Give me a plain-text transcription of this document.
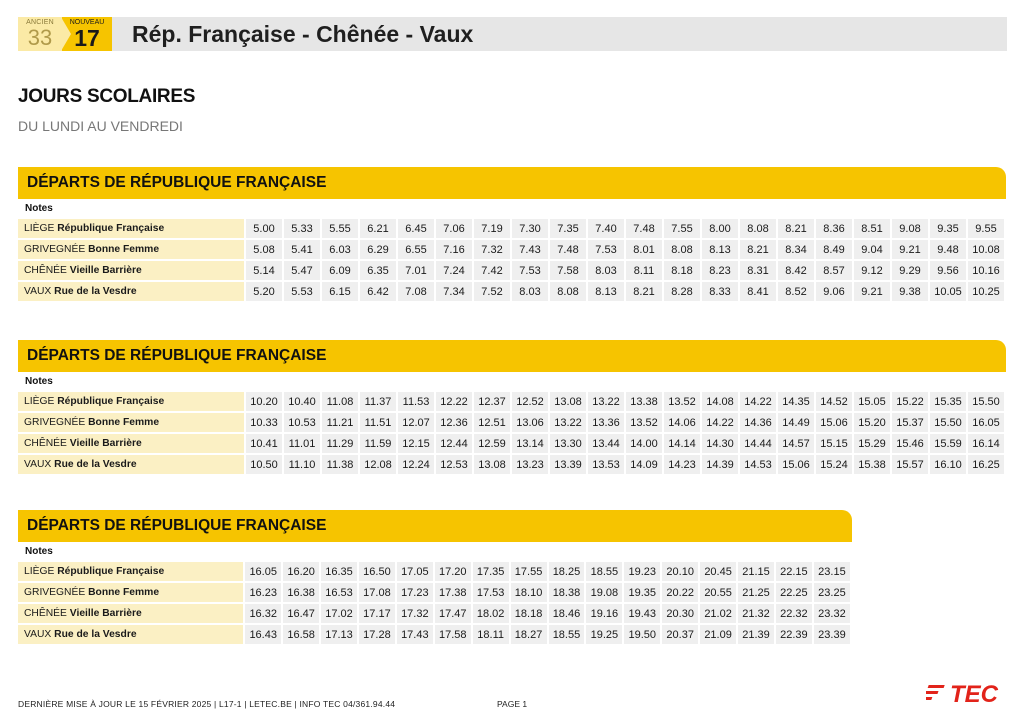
ANCIEN
33
NOUVEAU
17 Rép. Française - Chênée - Vaux
JOURS SCOLAIRES
DU LUNDI AU VENDREDI
DÉPARTS DE RÉPUBLIQUE FRANÇAISE
Notes
LIÈGE République Française	5.00	5.33	5.55	6.21	6.45	7.06	7.19	7.30	7.35	7.40	7.48	7.55	8.00	8.08	8.21	8.36	8.51	9.08	9.35	9.55
GRIVEGNÉE Bonne Femme	5.08	5.41	6.03	6.29	6.55	7.16	7.32	7.43	7.48	7.53	8.01	8.08	8.13	8.21	8.34	8.49	9.04	9.21	9.48	10.08
CHÊNÉE Vieille Barrière	5.14	5.47	6.09	6.35	7.01	7.24	7.42	7.53	7.58	8.03	8.11	8.18	8.23	8.31	8.42	8.57	9.12	9.29	9.56	10.16
VAUX Rue de la Vesdre	5.20	5.53	6.15	6.42	7.08	7.34	7.52	8.03	8.08	8.13	8.21	8.28	8.33	8.41	8.52	9.06	9.21	9.38	10.05	10.25
DÉPARTS DE RÉPUBLIQUE FRANÇAISE
Notes
LIÈGE République Française	10.20	10.40	11.08	11.37	11.53	12.22	12.37	12.52	13.08	13.22	13.38	13.52	14.08	14.22	14.35	14.52	15.05	15.22	15.35	15.50
GRIVEGNÉE Bonne Femme	10.33	10.53	11.21	11.51	12.07	12.36	12.51	13.06	13.22	13.36	13.52	14.06	14.22	14.36	14.49	15.06	15.20	15.37	15.50	16.05
CHÊNÉE Vieille Barrière	10.41	11.01	11.29	11.59	12.15	12.44	12.59	13.14	13.30	13.44	14.00	14.14	14.30	14.44	14.57	15.15	15.29	15.46	15.59	16.14
VAUX Rue de la Vesdre	10.50	11.10	11.38	12.08	12.24	12.53	13.08	13.23	13.39	13.53	14.09	14.23	14.39	14.53	15.06	15.24	15.38	15.57	16.10	16.25
DÉPARTS DE RÉPUBLIQUE FRANÇAISE
Notes
LIÈGE République Française	16.05	16.20	16.35	16.50	17.05	17.20	17.35	17.55	18.25	18.55	19.23	20.10	20.45	21.15	22.15	23.15
GRIVEGNÉE Bonne Femme	16.23	16.38	16.53	17.08	17.23	17.38	17.53	18.10	18.38	19.08	19.35	20.22	20.55	21.25	22.25	23.25
CHÊNÉE Vieille Barrière	16.32	16.47	17.02	17.17	17.32	17.47	18.02	18.18	18.46	19.16	19.43	20.30	21.02	21.32	22.32	23.32
VAUX Rue de la Vesdre	16.43	16.58	17.13	17.28	17.43	17.58	18.11	18.27	18.55	19.25	19.50	20.37	21.09	21.39	22.39	23.39
DERNIÈRE MISE À JOUR LE 15 FÉVRIER 2025 | L17-1 | LETEC.BE | INFO TEC 04/361.94.44	PAGE 1	TEC
